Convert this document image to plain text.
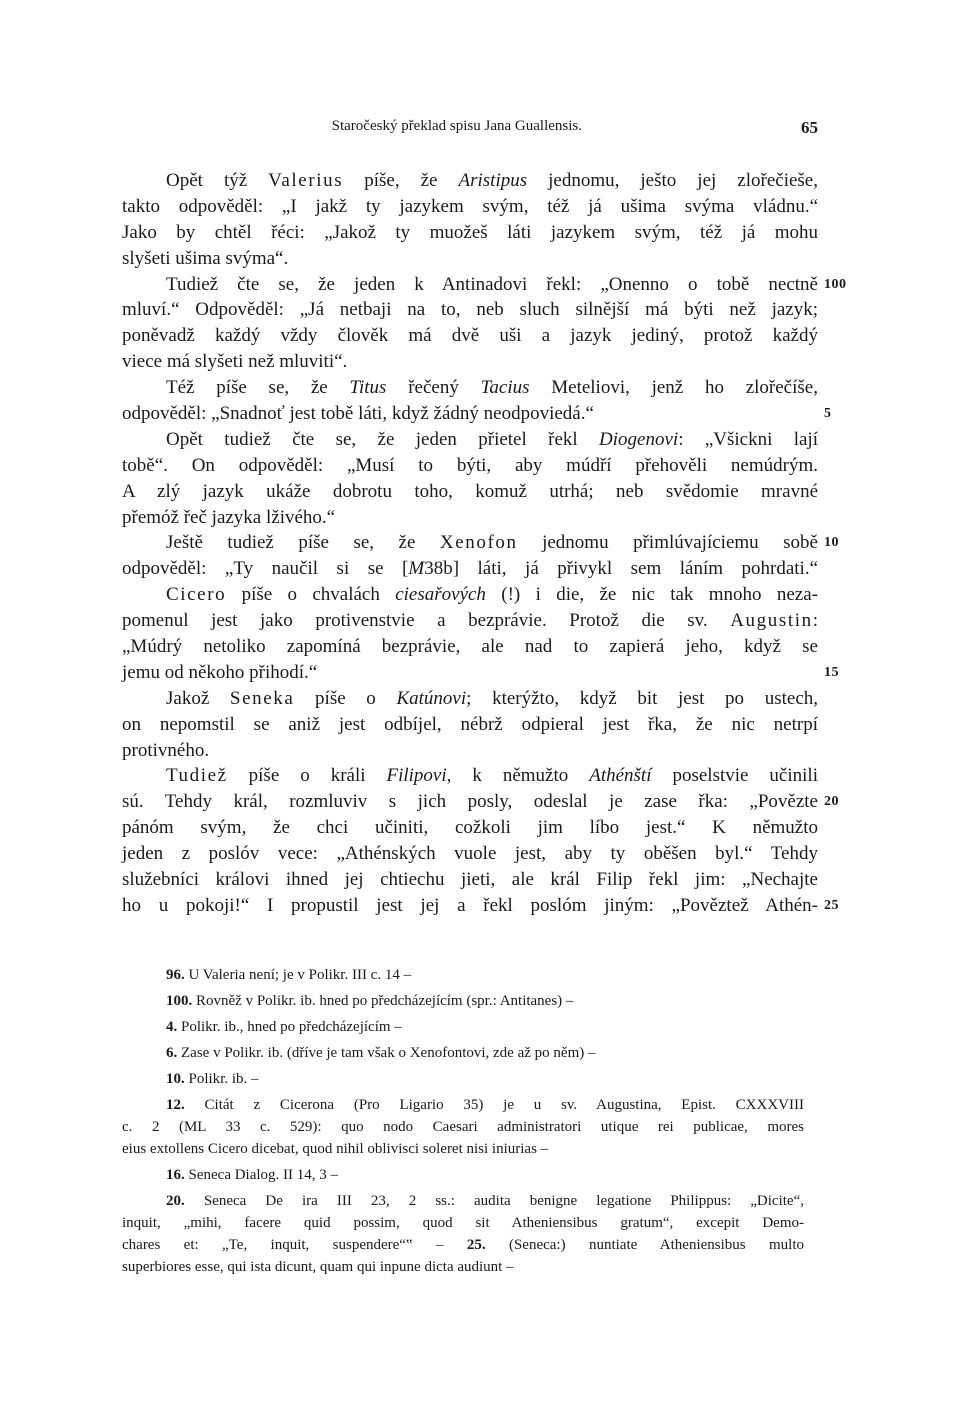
Staročeský překlad spisu Jana Guallensis.	65
Opět týž Valerius píše, že Aristipus jednomu, ješto jej zlořečieše,
takto odpověděl: „I jakž ty jazykem svým, též já ušima svýma vládnu.“
Jako by chtěl řéci: „Jakož ty muožeš láti jazykem svým, též já mohu
slyšeti ušima svýma“.
Tudiež čte se, že jeden k Antinadovi řekl: „Onenno o tobě nectně 100
mluví.“ Odpověděl: „Já netbaji na to, neb sluch silnější má býti než jazyk;
poněvadž každý vždy člověk má dvě uši a jazyk jediný, protož každý
viece má slyšeti než mluviti“.
Též píše se, že Titus řečený Tacius Meteliovi, jenž ho zlořečíše,
odpověděl: „Snadnoť jest tobě láti, když žádný neodpoviedá.“	5
Opět tudiež čte se, že jeden přietel řekl Diogenovi: „Všickni lají
tobě“. On odpověděl: „Musí to býti, aby múdří přehověli nemúdrým.
A zlý jazyk ukáže dobrotu toho, komuž utrhá; neb svědomie mravné
přemóž řeč jazyka lživého.“
Ještě tudiež píše se, že Xenofon jednomu přimlúvajíciemu sobě 10
odpověděl: „Ty naučil si se [M38b] láti, já přivykl sem láním pohrdati.“
Cicero píše o chvalách ciesařových (!) i die, že nic tak mnoho neza-
pomenul jest jako protivenstvie a bezprávie. Protož die sv. Augustin:
„Múdrý netoliko zapomíná bezprávie, ale nad to zapierá jeho, když se
jemu od někoho přihodí.“	15
Jakož Seneka píše o Katúnovi; kterýžto, když bit jest po ustech,
on nepomstil se aniž jest odbíjel, nébrž odpieral jest řka, že nic netrpí
protivného.
Tudiež píše o králi Filipovi, k němužto Athénští poselstvie učinili
sú. Tehdy král, rozmluviv s jich posly, odeslal je zase řka: „Povězte 20
pánóm svým, že chci učiniti, cožkoli jim líbo jest.“ K němužto
jeden z poslóv vece: „Athénských vuole jest, aby ty oběšen byl.“ Tehdy
služebníci královi ihned jej chtiechu jieti, ale král Filip řekl jim: „Nechajte
ho u pokoji!“ I propustil jest jej a řekl poslóm jiným: „Pověztež Athén- 25
96. U Valeria není; je v Polikr. III c. 14 –
100. Rovněž v Polikr. ib. hned po předcházejícím (spr.: Antitanes) –
4. Polikr. ib., hned po předcházejícím –
6. Zase v Polikr. ib. (dříve je tam však o Xenofontovi, zde až po něm) –
10. Polikr. ib. –
12. Citát z Cicerona (Pro Ligario 35) je u sv. Augustina, Epist. CXXXVIII
c. 2 (ML 33 c. 529): quo nodo Caesari administratori utique rei publicae, mores
eius extollens Cicero dicebat, quod nihil oblivisci soleret nisi iniurias –
16. Seneca Dialog. II 14, 3 –
20. Seneca De ira III 23, 2 ss.: audita benigne legatione Philippus: „Dicite“,
inquit, „mihi, facere quid possim, quod sit Atheniensibus gratum“, excepit Demo-
chares et: „Te, inquit, suspendere“‟ – 25. (Seneca:) nuntiate Atheniensibus multo
superbiores esse, qui ista dicunt, quam qui inpune dicta audiunt –
